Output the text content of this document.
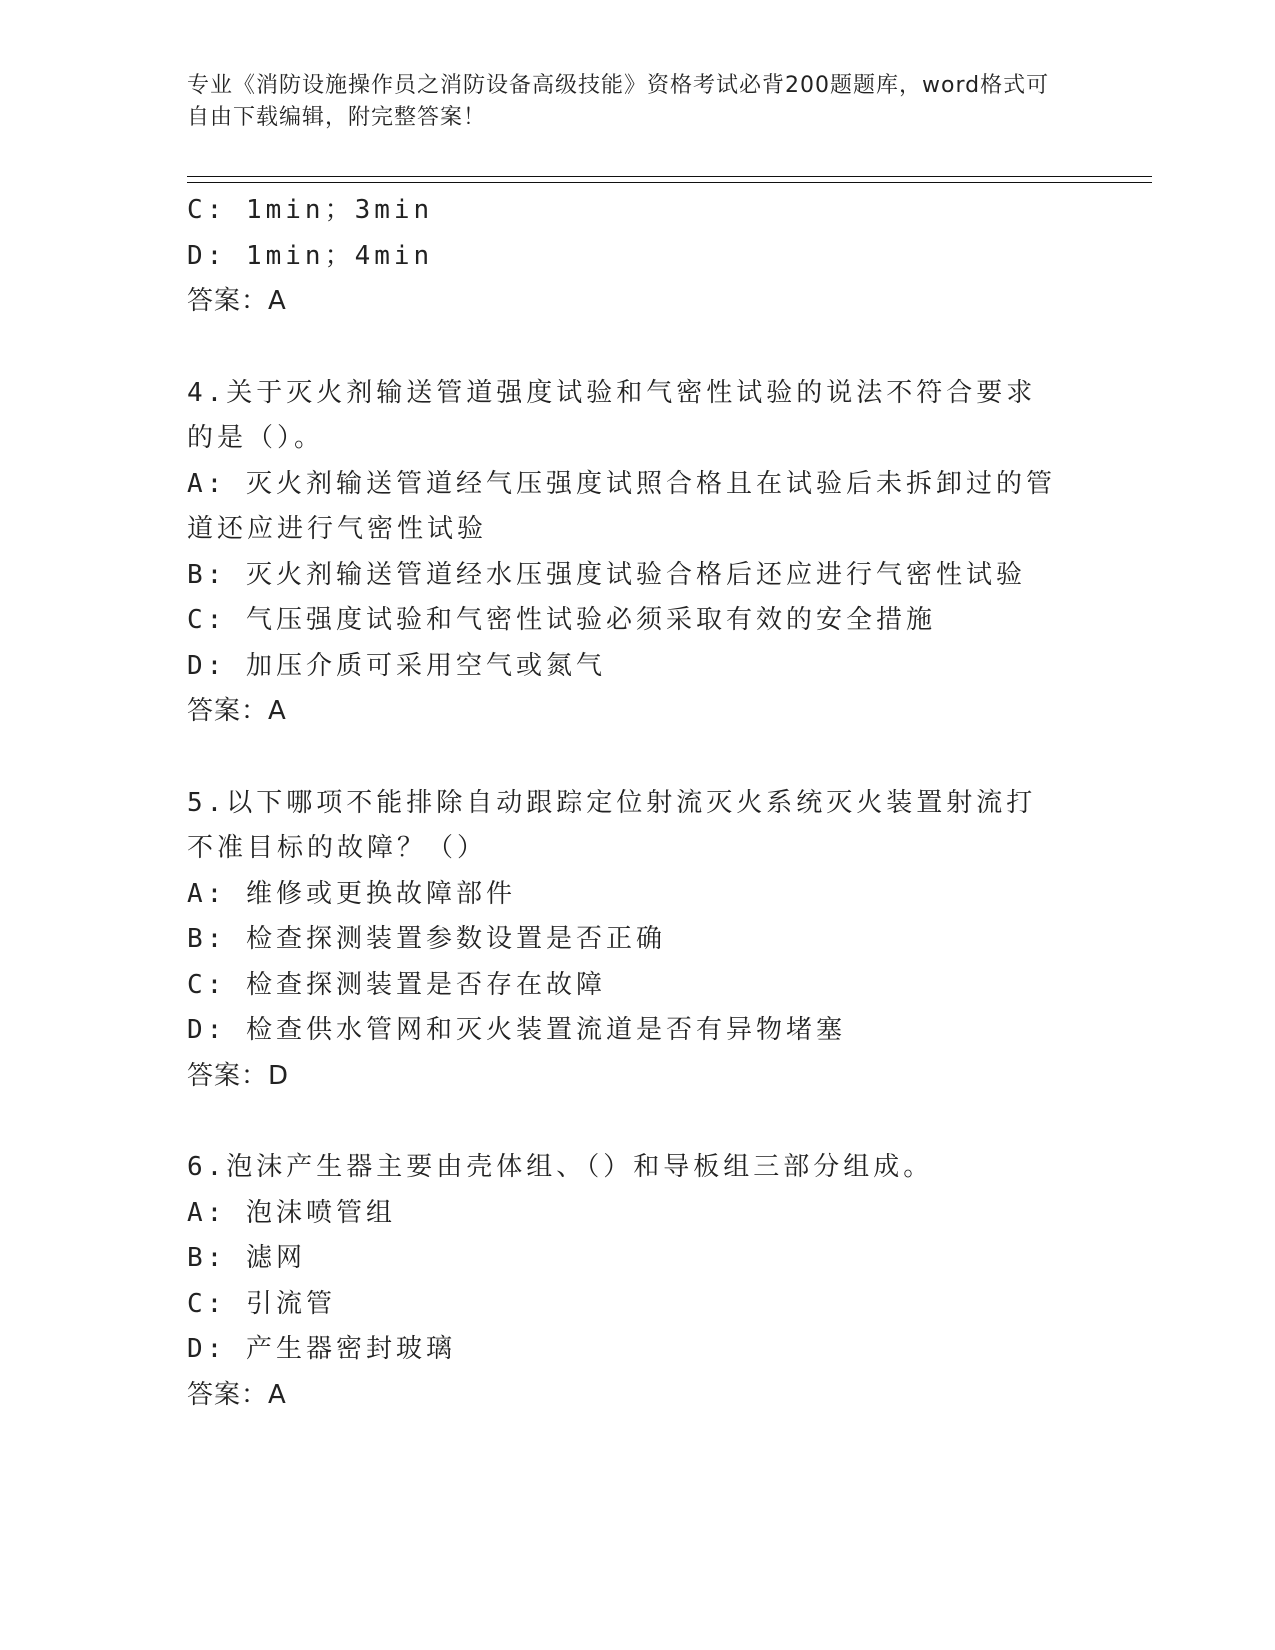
专业《消防设施操作员之消防设备高级技能》资格考试必背200题题库，word格式可自由下载编辑，附完整答案！
C: 1min；3min
D: 1min；4min
答案：A
4.关于灭火剂输送管道强度试验和气密性试验的说法不符合要求的是（）。
A: 灭火剂输送管道经气压强度试照合格且在试验后未拆卸过的管道还应进行气密性试验
B: 灭火剂输送管道经水压强度试验合格后还应进行气密性试验
C: 气压强度试验和气密性试验必须采取有效的安全措施
D: 加压介质可采用空气或氮气
答案：A
5.以下哪项不能排除自动跟踪定位射流灭火系统灭火装置射流打不准目标的故障？（）
A: 维修或更换故障部件
B: 检查探测装置参数设置是否正确
C: 检查探测装置是否存在故障
D: 检查供水管网和灭火装置流道是否有异物堵塞
答案：D
6.泡沫产生器主要由壳体组、（）和导板组三部分组成。
A: 泡沫喷管组
B: 滤网
C: 引流管
D: 产生器密封玻璃
答案：A
